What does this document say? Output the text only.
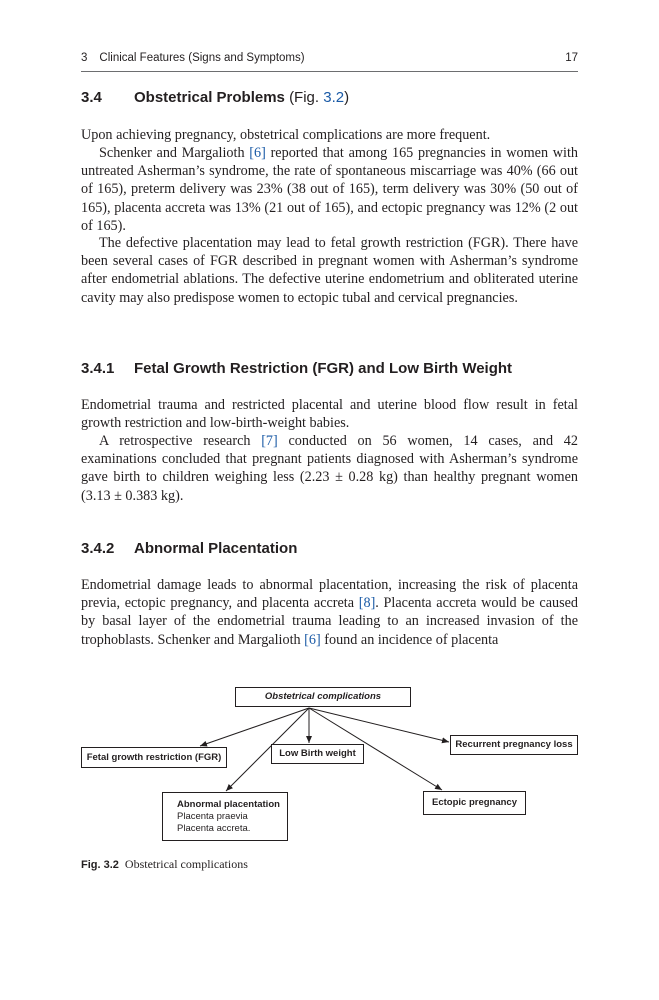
3 Clinical Features (Signs and Symptoms)	17
3.4 Obstetrical Problems (Fig. 3.2)

Upon achieving pregnancy, obstetrical complications are more frequent.

Schenker and Margalioth [6] reported that among 165 pregnancies in women with untreated Asherman’s syndrome, the rate of spontaneous miscarriage was 40% (66 out of 165), preterm delivery was 23% (38 out of 165), term delivery was 30% (50 out of 165), placenta accreta was 13% (21 out of 165), and ectopic pregnancy was 12% (2 out of 165).

The defective placentation may lead to fetal growth restriction (FGR). There have been several cases of FGR described in pregnant women with Asherman’s syndrome after endometrial ablations. The defective uterine endometrium and obliterated uterine cavity may also predispose women to ectopic tubal and cervical pregnancies.

3.4.1 Fetal Growth Restriction (FGR) and Low Birth Weight

Endometrial trauma and restricted placental and uterine blood flow result in fetal growth restriction and low-birth-weight babies.

A retrospective research [7] conducted on 56 women, 14 cases, and 42 examinations concluded that pregnant patients diagnosed with Asherman’s syndrome gave birth to children weighing less (2.23 ± 0.28 kg) than healthy pregnant women (3.13 ± 0.383 kg).

3.4.2 Abnormal Placentation

Endometrial damage leads to abnormal placentation, increasing the risk of placenta previa, ectopic pregnancy, and placenta accreta [8]. Placenta accreta would be caused by basal layer of the endometrial trauma leading to an increased invasion of the trophoblasts. Schenker and Margalioth [6] found an incidence of placenta

Obstetrical complications
Fetal growth restriction (FGR)	Low Birth weight
Recurrent pregnancy loss
Ectopic pregnancy
Abnormal placentation
Placenta praevia
Placenta accreta.
Fig. 3.2 Obstetrical complications
